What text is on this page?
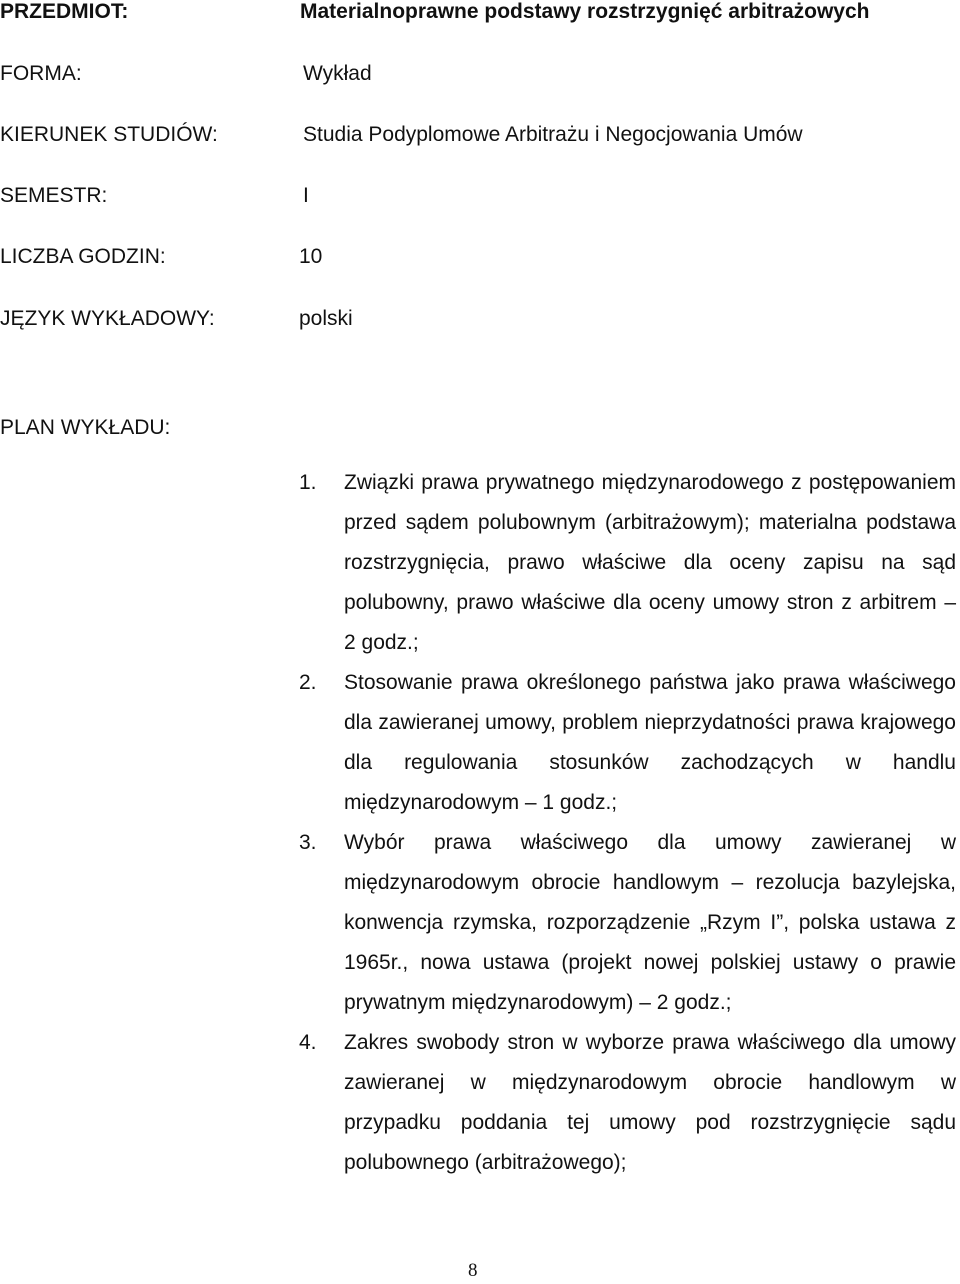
PRZEDMIOT:	Materialnoprawne podstawy rozstrzygnięć arbitrażowych
FORMA:	Wykład
KIERUNEK STUDIÓW:	Studia Podyplomowe Arbitrażu i Negocjowania Umów
SEMESTR:	I
LICZBA GODZIN:	10
JĘZYK WYKŁADOWY:	polski
PLAN WYKŁADU:
1. Związki prawa prywatnego międzynarodowego z postępowaniem przed sądem polubownym (arbitrażowym); materialna podstawa rozstrzygnięcia, prawo właściwe dla oceny zapisu na sąd polubowny, prawo właściwe dla oceny umowy stron z arbitrem – 2 godz.;
2. Stosowanie prawa określonego państwa jako prawa właściwego dla zawieranej umowy, problem nieprzydatności prawa krajowego dla regulowania stosunków zachodzących w handlu międzynarodowym – 1 godz.;
3. Wybór prawa właściwego dla umowy zawieranej w międzynarodowym obrocie handlowym – rezolucja bazylejska, konwencja rzymska, rozporządzenie „Rzym I”, polska ustawa z 1965r., nowa ustawa (projekt nowej polskiej ustawy o prawie prywatnym międzynarodowym) – 2 godz.;
4. Zakres swobody stron w wyborze prawa właściwego dla umowy zawieranej w międzynarodowym obrocie handlowym w przypadku poddania tej umowy pod rozstrzygnięcie sądu polubownego (arbitrażowego);
8
